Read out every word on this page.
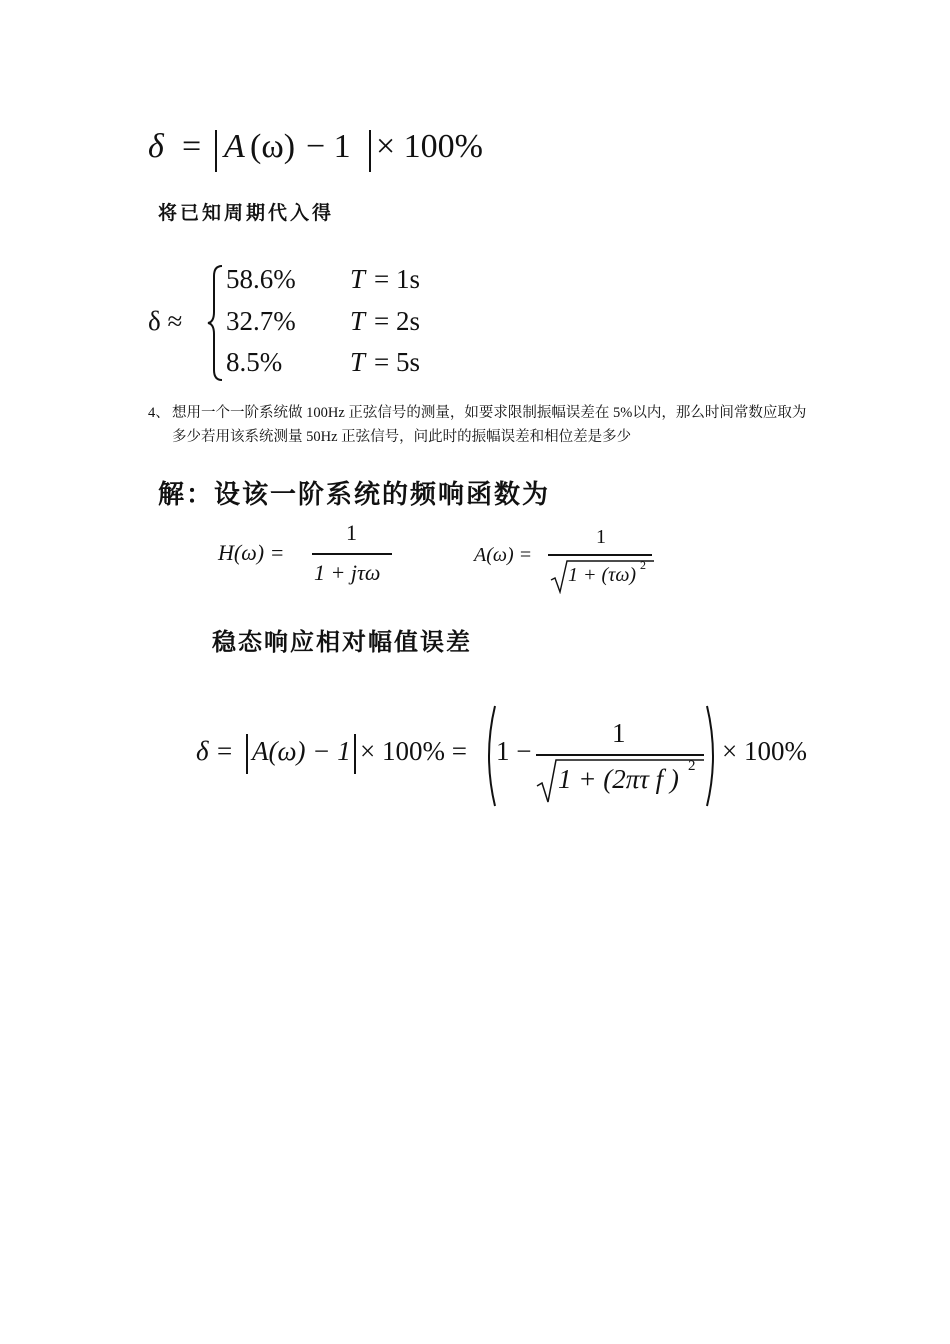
δ = A (ω) − 1 × 100%
将已知周期代入得
δ ≈
58.6% T = 1s
32.7% T = 2s
8.5%	T = 5s
4、 想用一个一阶系统做 100Hz 正弦信号的测量，如要求限制振幅误差在 5%以内，那么时间常数应取为多少若用该系统测量 50Hz 正弦信号，问此时的振幅误差和相位差是多少
解：设该一阶系统的频响函数为
H(ω) =
1
1 + jτω
A(ω) =
1
1 + (τω) 2
稳态响应相对幅值误差
δ = A(ω) − 1 × 100% = 1 −
1
1 + (2πτ f ) 2 × 100%
